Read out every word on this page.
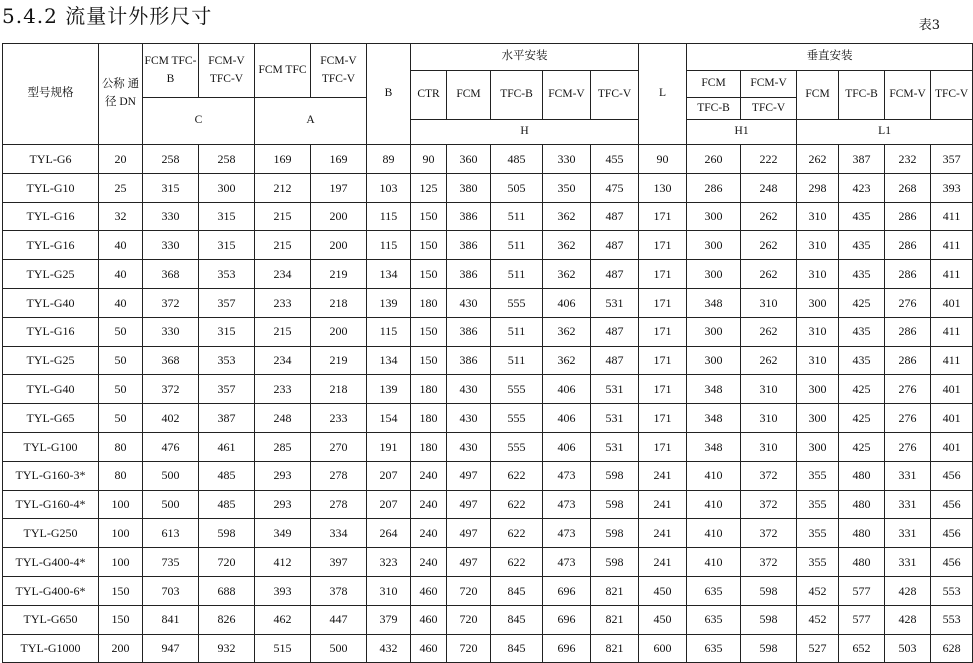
5.4.2 流量计外形尺寸	表3
型号规格	公称 通径 DN	FCM TFC-B	FCM-V TFC-V	FCM TFC	FCM-V TFC-V	B	水平安装					L	垂直安装					
							CTR	FCM	TFC-B	FCM-V	TFC-V		FCM	FCM-V	FCM	TFC-B	FCM-V	TFC-V
		C		A									TFC-B	TFC-V				
							H						H1		L1			
TYL-G6	20	258	258	169	169	89	90	360	485	330	455	90	260	222	262	387	232	357
TYL-G10	25	315	300	212	197	103	125	380	505	350	475	130	286	248	298	423	268	393
TYL-G16	32	330	315	215	200	115	150	386	511	362	487	171	300	262	310	435	286	411
TYL-G16	40	330	315	215	200	115	150	386	511	362	487	171	300	262	310	435	286	411
TYL-G25	40	368	353	234	219	134	150	386	511	362	487	171	300	262	310	435	286	411
TYL-G40	40	372	357	233	218	139	180	430	555	406	531	171	348	310	300	425	276	401
TYL-G16	50	330	315	215	200	115	150	386	511	362	487	171	300	262	310	435	286	411
TYL-G25	50	368	353	234	219	134	150	386	511	362	487	171	300	262	310	435	286	411
TYL-G40	50	372	357	233	218	139	180	430	555	406	531	171	348	310	300	425	276	401
TYL-G65	50	402	387	248	233	154	180	430	555	406	531	171	348	310	300	425	276	401
TYL-G100	80	476	461	285	270	191	180	430	555	406	531	171	348	310	300	425	276	401
TYL-G160-3*	80	500	485	293	278	207	240	497	622	473	598	241	410	372	355	480	331	456
TYL-G160-4*	100	500	485	293	278	207	240	497	622	473	598	241	410	372	355	480	331	456
TYL-G250	100	613	598	349	334	264	240	497	622	473	598	241	410	372	355	480	331	456
TYL-G400-4*	100	735	720	412	397	323	240	497	622	473	598	241	410	372	355	480	331	456
TYL-G400-6*	150	703	688	393	378	310	460	720	845	696	821	450	635	598	452	577	428	553
TYL-G650	150	841	826	462	447	379	460	720	845	696	821	450	635	598	452	577	428	553
TYL-G1000	200	947	932	515	500	432	460	720	845	696	821	600	635	598	527	652	503	628
